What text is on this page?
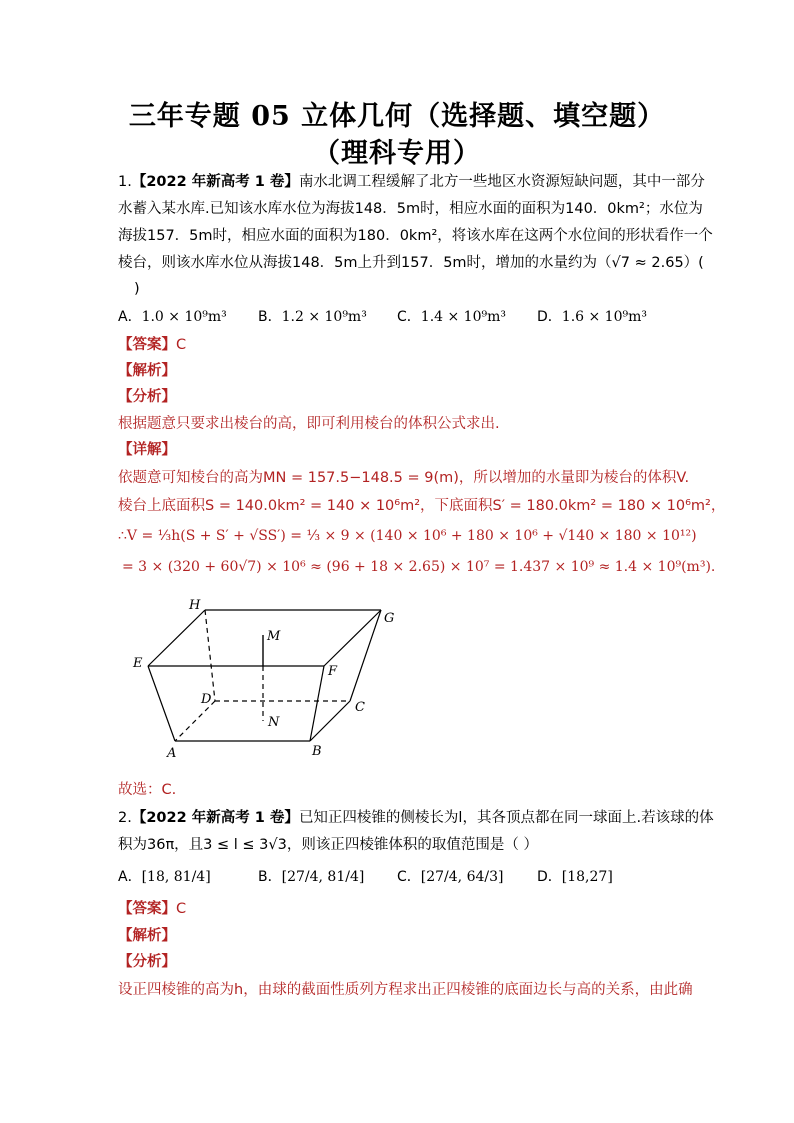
三年专题 05 立体几何（选择题、填空题）
（理科专用）
1.【2022 年新高考 1 卷】南水北调工程缓解了北方一些地区水资源短缺问题，其中一部分
水蓄入某水库.已知该水库水位为海拔148．5m时，相应水面的面积为140．0km²；水位为
海拔157．5m时，相应水面的面积为180．0km²，将该水库在这两个水位间的形状看作一个
棱台，则该水库水位从海拔148．5m上升到157．5m时，增加的水量约为（√7 ≈ 2.65）(
)
A．1.0 × 10⁹m³ B．1.2 × 10⁹m³ C．1.4 × 10⁹m³ D．1.6 × 10⁹m³
【答案】C
【解析】
【分析】
根据题意只要求出棱台的高，即可利用棱台的体积公式求出.
【详解】
依题意可知棱台的高为MN = 157.5−148.5 = 9(m)，所以增加的水量即为棱台的体积V.
棱台上底面积S = 140.0km² = 140 × 10⁶m²，下底面积S′ = 180.0km² = 180 × 10⁶m²，
∴V = ⅓h(S + S′ + √SS′) = ⅓ × 9 × (140 × 10⁶ + 180 × 10⁶ + √140 × 180 × 10¹²)
= 3 × (320 + 60√7) × 10⁶ ≈ (96 + 18 × 2.65) × 10⁷ = 1.437 × 10⁹ ≈ 1.4 × 10⁹(m³).
H
G
M
E
F
D
C
N
A	B
故选：C.
2.【2022 年新高考 1 卷】已知正四棱锥的侧棱长为l，其各顶点都在同一球面上.若该球的体
积为36π，且3 ≤ l ≤ 3√3，则该正四棱锥体积的取值范围是（ ）
A．[18, 81/4]	B．[27/4, 81/4] C．[27/4, 64/3] D．[18,27]
【答案】C
【解析】
【分析】
设正四棱锥的高为h，由球的截面性质列方程求出正四棱锥的底面边长与高的关系，由此确
